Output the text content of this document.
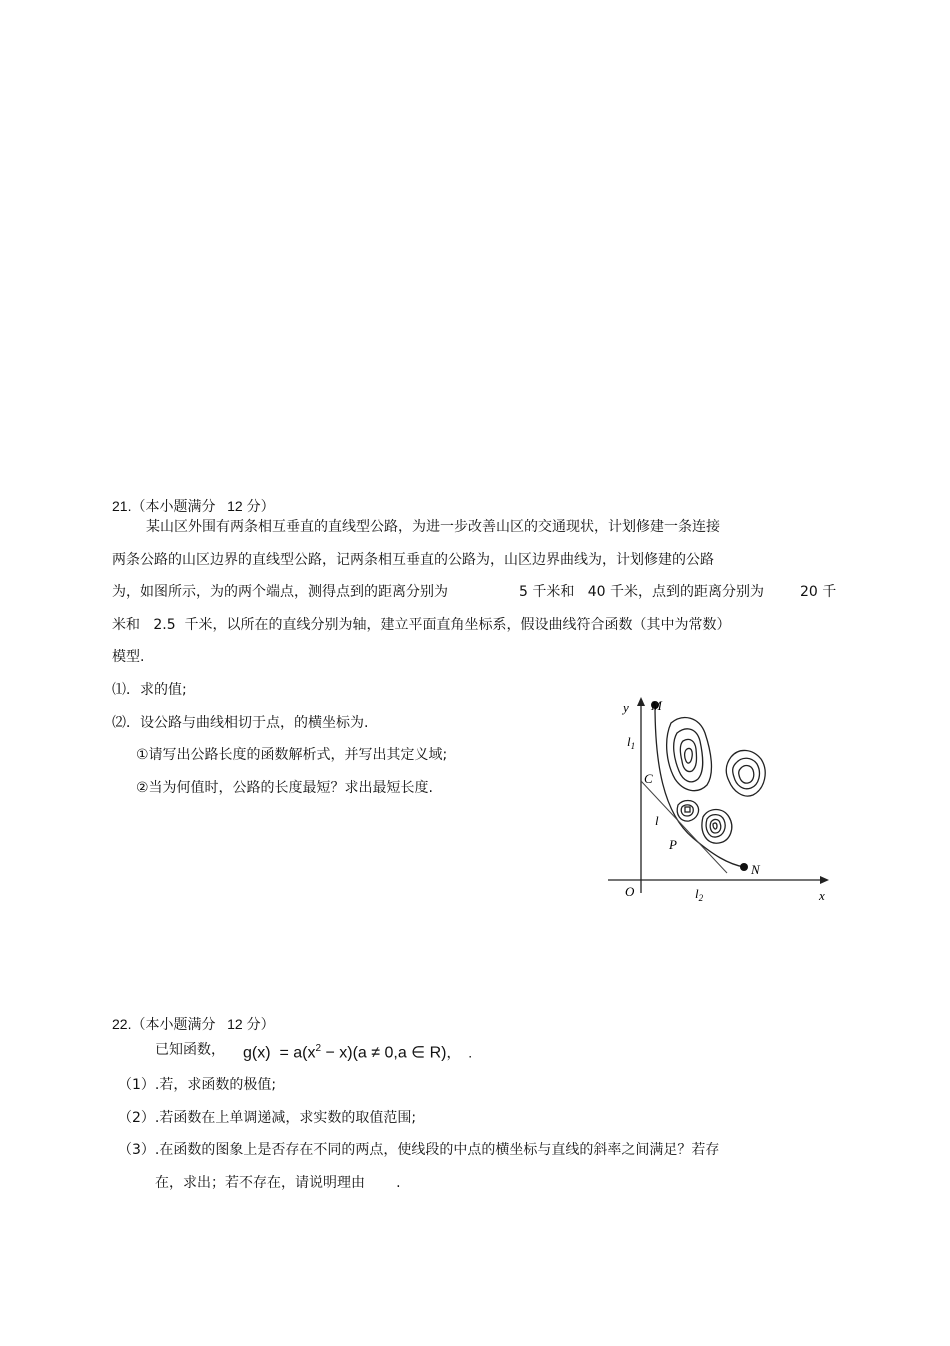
21.（本小题满分   12 分）
某山区外围有两条相互垂直的直线型公路，为进一步改善山区的交通现状，计划修建一条连接
两条公路的山区边界的直线型公路，记两条相互垂直的公路为，山区边界曲线为，计划修建的公路
为，如图所示，为的两个端点，测得点到的距离分别为	5 千米和   40 千米，点到的距离分别为	20 千
米和   2.5  千米，以所在的直线分别为轴，建立平面直角坐标系，假设曲线符合函数（其中为常数）
模型.
⑴．求的值;
⑵．设公路与曲线相切于点，的横坐标为.
①请写出公路长度的函数解析式，并写出其定义域;
②当为何值时，公路的长度最短？求出最短长度.
y M
$l_1$
C
l
P
N
O	$l_2$	x
22.（本小题满分   12 分）
已知函数， $g(x) = a(x^2 - x)(a \ne 0,a$ ∈ R)，  .
（1）.若，求函数的极值;
（2）.若函数在上单调递减，求实数的取值范围;
（3）.在函数的图象上是否存在不同的两点，使线段的中点的横坐标与直线的斜率之间满足？若存
在，求出；若不存在，请说明理由       .
